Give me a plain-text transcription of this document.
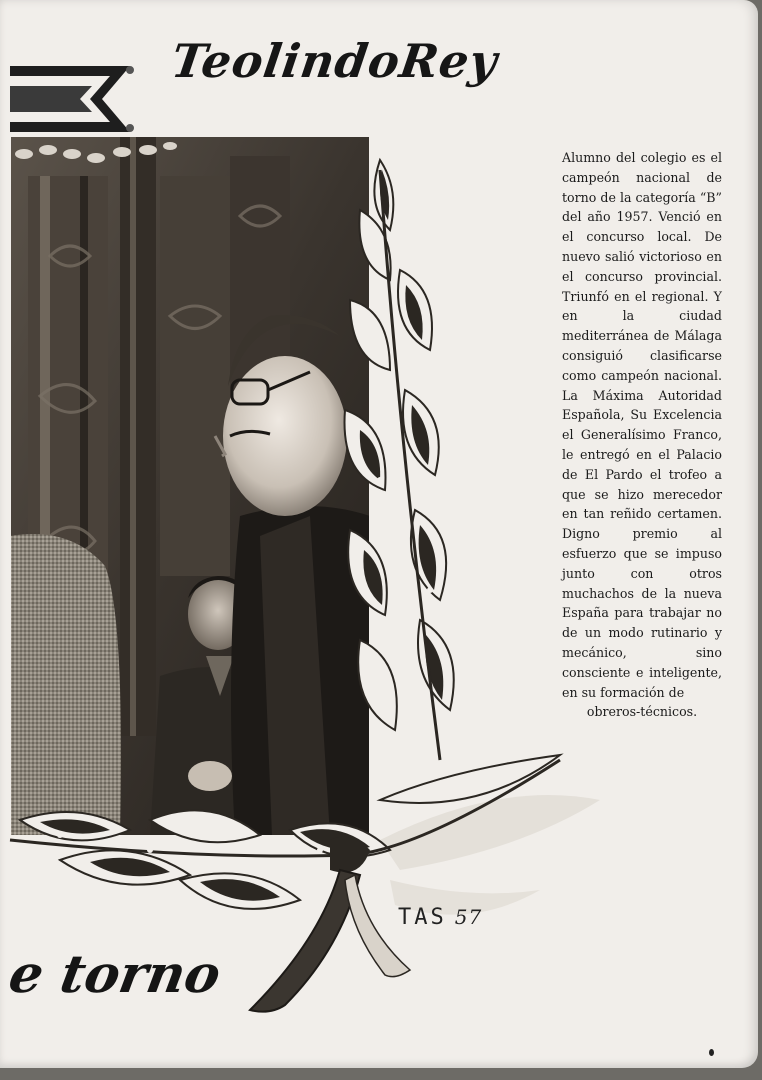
TeolindoRey
Alumno del colegio es el campeón nacional de torno de la categoría “B” del año 1957. Venció en el concurso local. De nuevo salió victorioso en el concurso provincial. Triunfó en el regional. Y en la ciudad mediterránea de Málaga consiguió clasificarse como campeón nacional. La Máxima Autoridad Española, Su Excelencia el Generalísimo Franco, le entregó en el Palacio de El Pardo el trofeo a que se hizo merecedor en tan reñido certamen. Digno premio al esfuerzo que se impuso junto con otros muchachos de la nueva España para trabajar no de un modo rutinario y mecánico, sino consciente e inteligente, en su formación de
obreros-técnicos.
TAS 57
e torno
